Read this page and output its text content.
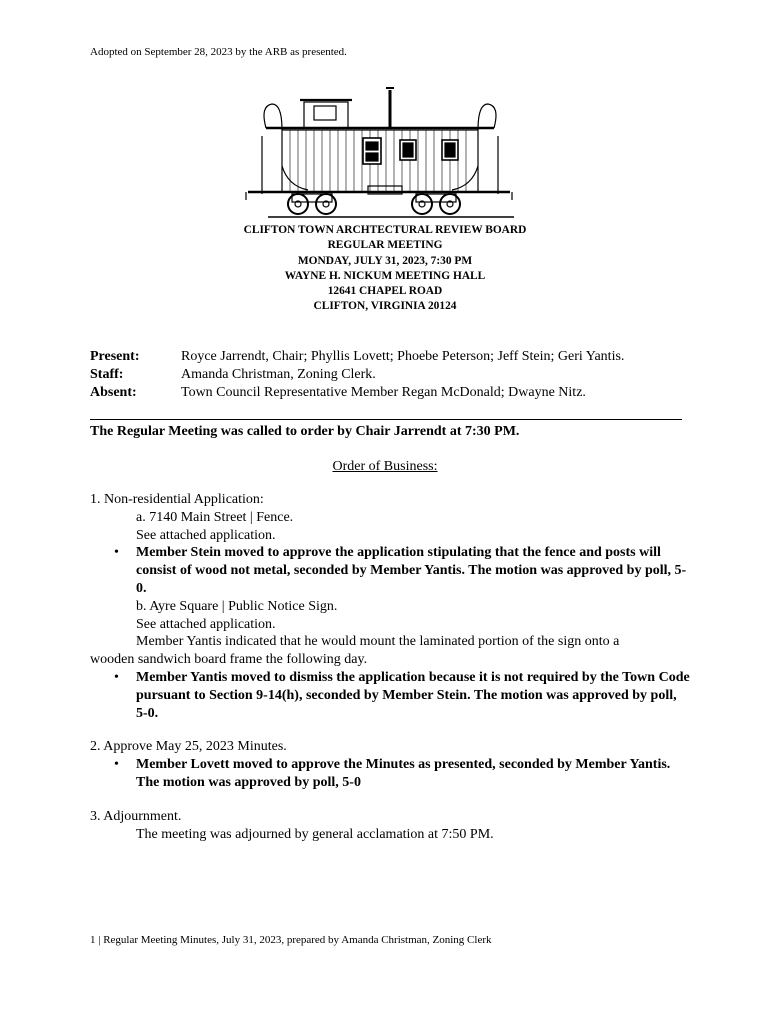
Adopted on September 28, 2023 by the ARB as presented.
CLIFTON TOWN ARCHTECTURAL REVIEW BOARD
REGULAR MEETING
MONDAY, JULY 31, 2023, 7:30 PM
WAYNE H. NICKUM MEETING HALL
12641 CHAPEL ROAD
CLIFTON, VIRGINIA 20124
Present:	Royce Jarrendt, Chair; Phyllis Lovett; Phoebe Peterson; Jeff Stein; Geri Yantis.
Staff:	Amanda Christman, Zoning Clerk.
Absent:	Town Council Representative Member Regan McDonald; Dwayne Nitz.
The Regular Meeting was called to order by Chair Jarrendt at 7:30 PM.
Order of Business:

1. Non-residential Application:

a. 7140 Main Street | Fence.

See attached application.

• Member Stein moved to approve the application stipulating that the fence and posts will consist of wood not metal, seconded by Member Yantis. The motion was approved by poll, 5-0.

b. Ayre Square | Public Notice Sign.

See attached application.

Member Yantis indicated that he would mount the laminated portion of the sign onto a

wooden sandwich board frame the following day.

• Member Yantis moved to dismiss the application because it is not required by the Town Code pursuant to Section 9-14(h), seconded by Member Stein. The motion was approved by poll, 5-0.

2. Approve May 25, 2023 Minutes.

• Member Lovett moved to approve the Minutes as presented, seconded by Member Yantis. The motion was approved by poll, 5-0

3. Adjournment.

The meeting was adjourned by general acclamation at 7:50 PM.

1 | Regular Meeting Minutes, July 31, 2023, prepared by Amanda Christman, Zoning Clerk
